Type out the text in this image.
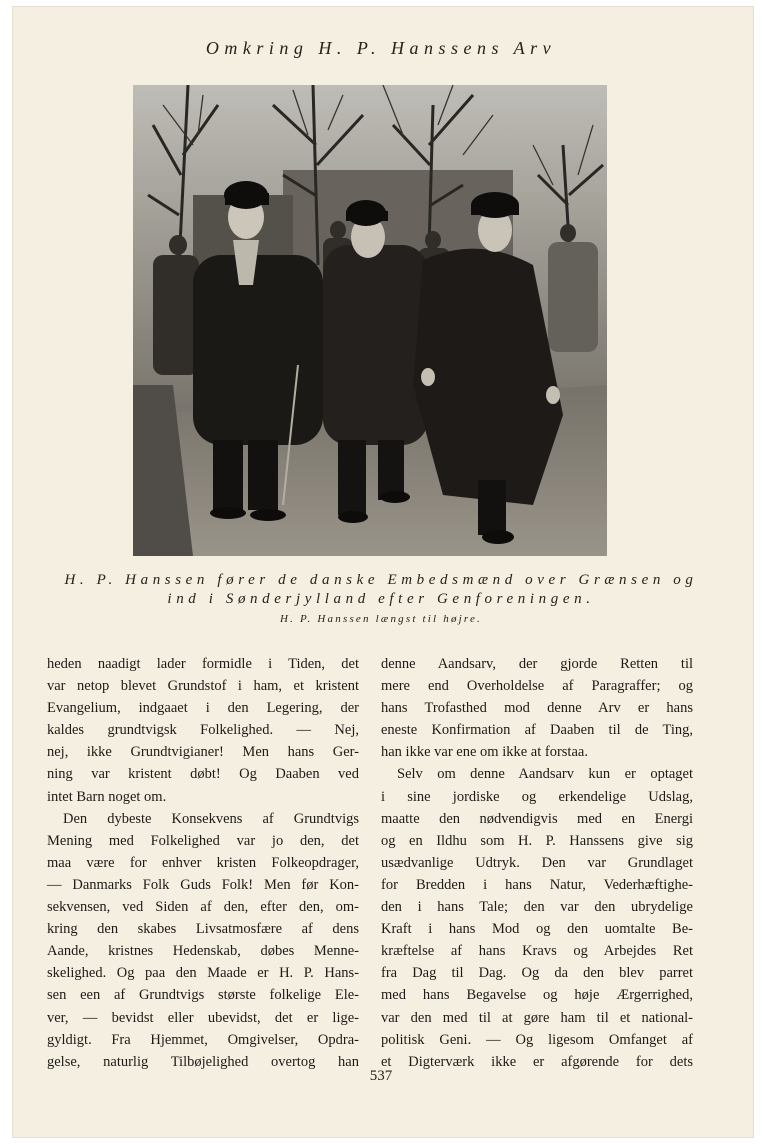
Omkring H. P. Hanssens Arv
H. P. Hanssen fører de danske Embedsmænd over Grænsen og
ind i Sønderjylland efter Genforeningen.
H. P. Hanssen længst til højre.
heden naadigt lader formidle i Tiden, det
var netop blevet Grundstof i ham, et kristent
Evangelium, indgaaet i den Legering, der
kaldes grundtvigsk Folkelighed. — Nej,
nej, ikke Grundtvigianer! Men hans Ger-
ning var kristent døbt! Og Daaben ved
intet Barn noget om.
Den dybeste Konsekvens af Grundtvigs
Mening med Folkelighed var jo den, det
maa være for enhver kristen Folkeopdrager,
— Danmarks Folk Guds Folk! Men før Kon-
sekvensen, ved Siden af den, efter den, om-
kring den skabes Livsatmosfære af dens
Aande, kristnes Hedenskab, døbes Menne-
skelighed. Og paa den Maade er H. P. Hans-
sen een af Grundtvigs største folkelige Ele-
ver, — bevidst eller ubevidst, det er lige-
gyldigt. Fra Hjemmet, Omgivelser, Opdra-
gelse, naturlig Tilbøjelighed overtog han
denne Aandsarv, der gjorde Retten til
mere end Overholdelse af Paragraffer; og
hans Trofasthed mod denne Arv er hans
eneste Konfirmation af Daaben til de Ting,
han ikke var ene om ikke at forstaa.
Selv om denne Aandsarv kun er optaget
i sine jordiske og erkendelige Udslag,
maatte den nødvendigvis med en Energi
og en Ildhu som H. P. Hanssens give sig
usædvanlige Udtryk. Den var Grundlaget
for Bredden i hans Natur, Vederhæftighe-
den i hans Tale; den var den ubrydelige
Kraft i hans Mod og den uomtalte Be-
kræftelse af hans Kravs og Arbejdes Ret
fra Dag til Dag. Og da den blev parret
med hans Begavelse og høje Ærgerrighed,
var den med til at gøre ham til et national-
politisk Geni. — Og ligesom Omfanget af
et Digterværk ikke er afgørende for dets
537
